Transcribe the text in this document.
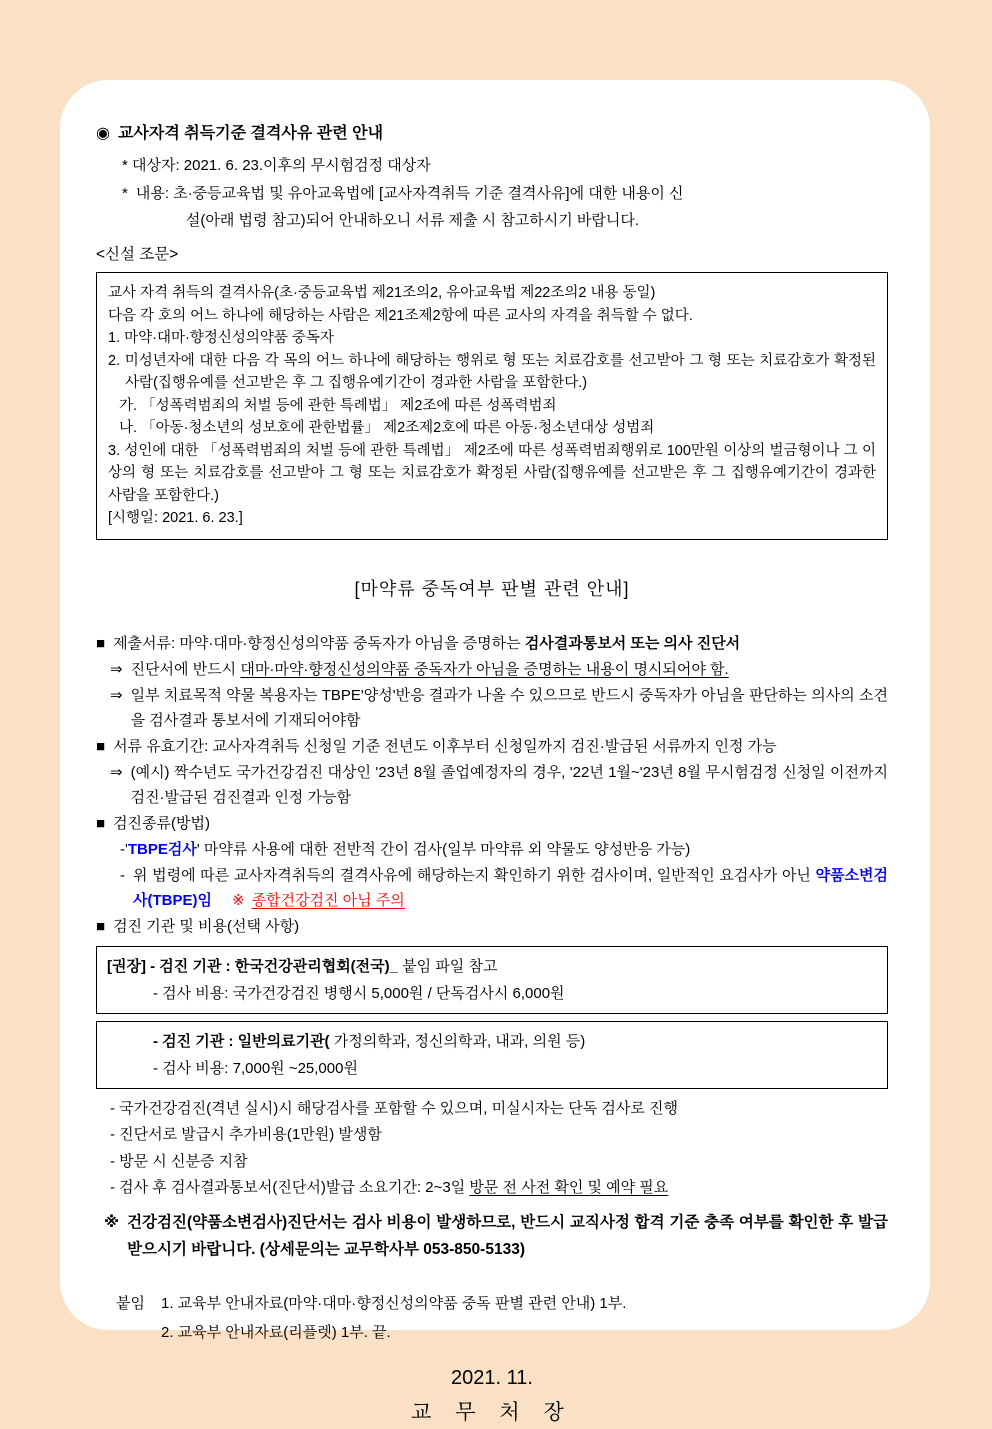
◉ 교사자격 취득기준 결격사유 관련 안내

* 대상자: 2021. 6. 23.이후의 무시험검정 대상자

* 내용: 초·중등교육법 및 유아교육법에 [교사자격취득 기준 결격사유]에 대한 내용이 신
설(아래 법령 참고)되어 안내하오니 서류 제출 시 참고하시기 바랍니다.

<신설 조문>

교사 자격 취득의 결격사유(초·중등교육법 제21조의2, 유아교육법 제22조의2 내용 동일)

다음 각 호의 어느 하나에 해당하는 사람은 제21조제2항에 따른 교사의 자격을 취득할 수 없다.

1. 마약·대마·향정신성의약품 중독자

2. 미성년자에 대한 다음 각 목의 어느 하나에 해당하는 행위로 형 또는 치료감호를 선고받아 그 형 또는 치료감호가 확정된 사람(집행유예를 선고받은 후 그 집행유예기간이 경과한 사람을 포함한다.)

가. 「성폭력범죄의 처벌 등에 관한 특례법」 제2조에 따른 성폭력범죄

나. 「아동·청소년의 성보호에 관한법률」 제2조제2호에 따른 아동·청소년대상 성범죄

3. 성인에 대한 「성폭력범죄의 처벌 등에 관한 특례법」 제2조에 따른 성폭력범죄행위로 100만원 이상의 벌금형이나 그 이상의 형 또는 치료감호를 선고받아 그 형 또는 치료감호가 확정된 사람(집행유예를 선고받은 후 그 집행유예기간이 경과한 사람을 포함한다.)

[시행일: 2021. 6. 23.]

[마약류 중독여부 판별 관련 안내]
■ 제출서류: 마약·대마·향정신성의약품 중독자가 아님을 증명하는 검사결과통보서 또는 의사 진단서
⇒ 진단서에 반드시 대마·마약·향정신성의약품 중독자가 아님을 증명하는 내용이 명시되어야 함.
⇒ 일부 치료목적 약물 복용자는 TBPE'양성'반응 결과가 나올 수 있으므로 반드시 중독자가 아님을 판단하는 의사의 소견을 검사결과 통보서에 기재되어야함
■ 서류 유효기간: 교사자격취득 신청일 기준 전년도 이후부터 신청일까지 검진·발급된 서류까지 인정 가능
⇒ (예시) 짝수년도 국가건강검진 대상인 '23년 8월 졸업예정자의 경우, '22년 1월~'23년 8월 무시험검정 신청일 이전까지 검진·발급된 검진결과 인정 가능함
■ 검진종류(방법)

-'TBPE검사' 마약류 사용에 대한 전반적 간이 검사(일부 마약류 외 약물도 양성반응 가능)

- 위 법령에 따른 교사자격취득의 결격사유에 해당하는지 확인하기 위한 검사이며, 일반적인 요검사가 아닌 약품소변검사(TBPE)임 ※ 종합건강검진 아님 주의
■ 검진 기관 및 비용(선택 사항)

[권장] - 검진 기관 : 한국건강관리협회(전국)_ 붙임 파일 참고

- 검사 비용: 국가건강검진 병행시 5,000원 / 단독검사시 6,000원

- 검진 기관 : 일반의료기관( 가정의학과, 정신의학과, 내과, 의원 등)

- 검사 비용: 7,000원 ~25,000원

- 국가건강검진(격년 실시)시 해당검사를 포함할 수 있으며, 미실시자는 단독 검사로 진행

- 진단서로 발급시 추가비용(1만원) 발생함

- 방문 시 신분증 지참

- 검사 후 검사결과통보서(진단서)발급 소요기간: 2~3일 방문 전 사전 확인 및 예약 필요

※ 건강검진(약품소변검사)진단서는 검사 비용이 발생하므로, 반드시 교직사정 합격 기준 충족 여부를 확인한 후 발급 받으시기 바랍니다. (상세문의는 교무학사부 053-850-5133)
붙임 1. 교육부 안내자료(마약·대마·향정신성의약품 중독 판별 관련 안내) 1부.
2. 교육부 안내자료(리플렛) 1부. 끝.

2021. 11.

교 무 처 장
